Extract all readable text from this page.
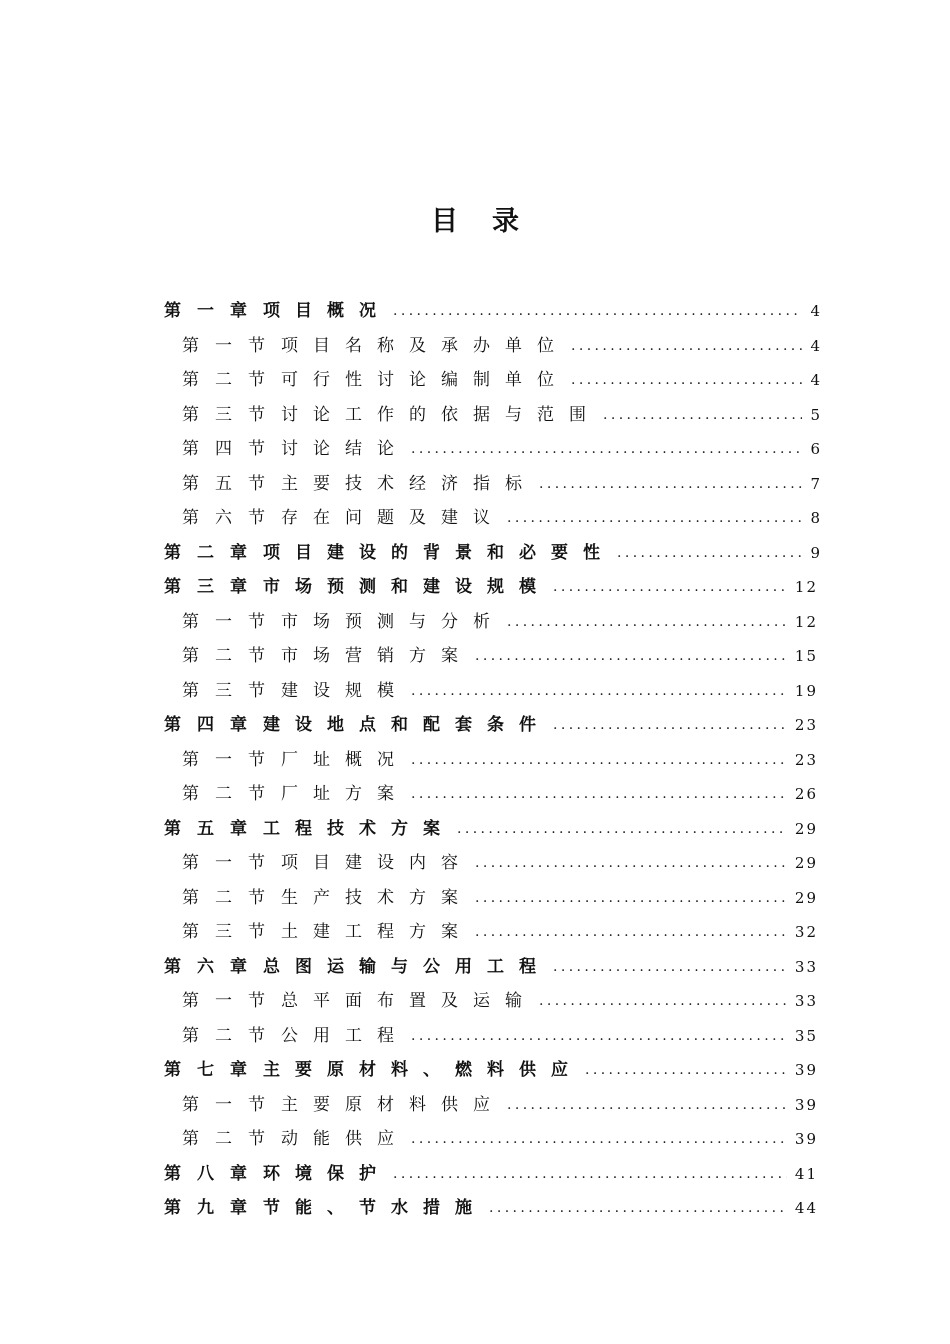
目录
第一章 项目概况 .....	4
第一节 项目名称及承办单位 .....	4
第二节 可行性讨论编制单位 .....	4
第三节 讨论工作的依据与范围 .....	5
第四节 讨论结论 .....	6
第五节 主要技术经济指标 .....	7
第六节 存在问题及建议 .....	8
第二章 项目建设的背景和必要性 .....	9
第三章 市场预测和建设规模 .....	12
第一节 市场预测与分析 .....	12
第二节 市场营销方案 .....	15
第三节 建设规模 .....	19
第四章 建设地点和配套条件 .....	23
第一节 厂址概况 .....	23
第二节 厂址方案 .....	26
第五章 工程技术方案 .....	29
第一节 项目建设内容 .....	29
第二节 生产技术方案 .....	29
第三节 土建工程方案 .....	32
第六章 总图运输与公用工程 .....	33
第一节 总平面布置及运输 .....	33
第二节 公用工程 .....	35
第七章 主要原材料、燃料供应 .....	39
第一节 主要原材料供应 .....	39
第二节 动能供应 .....	39
第八章 环境保护 .....	41
第九章 节能、节水措施 .....	44
